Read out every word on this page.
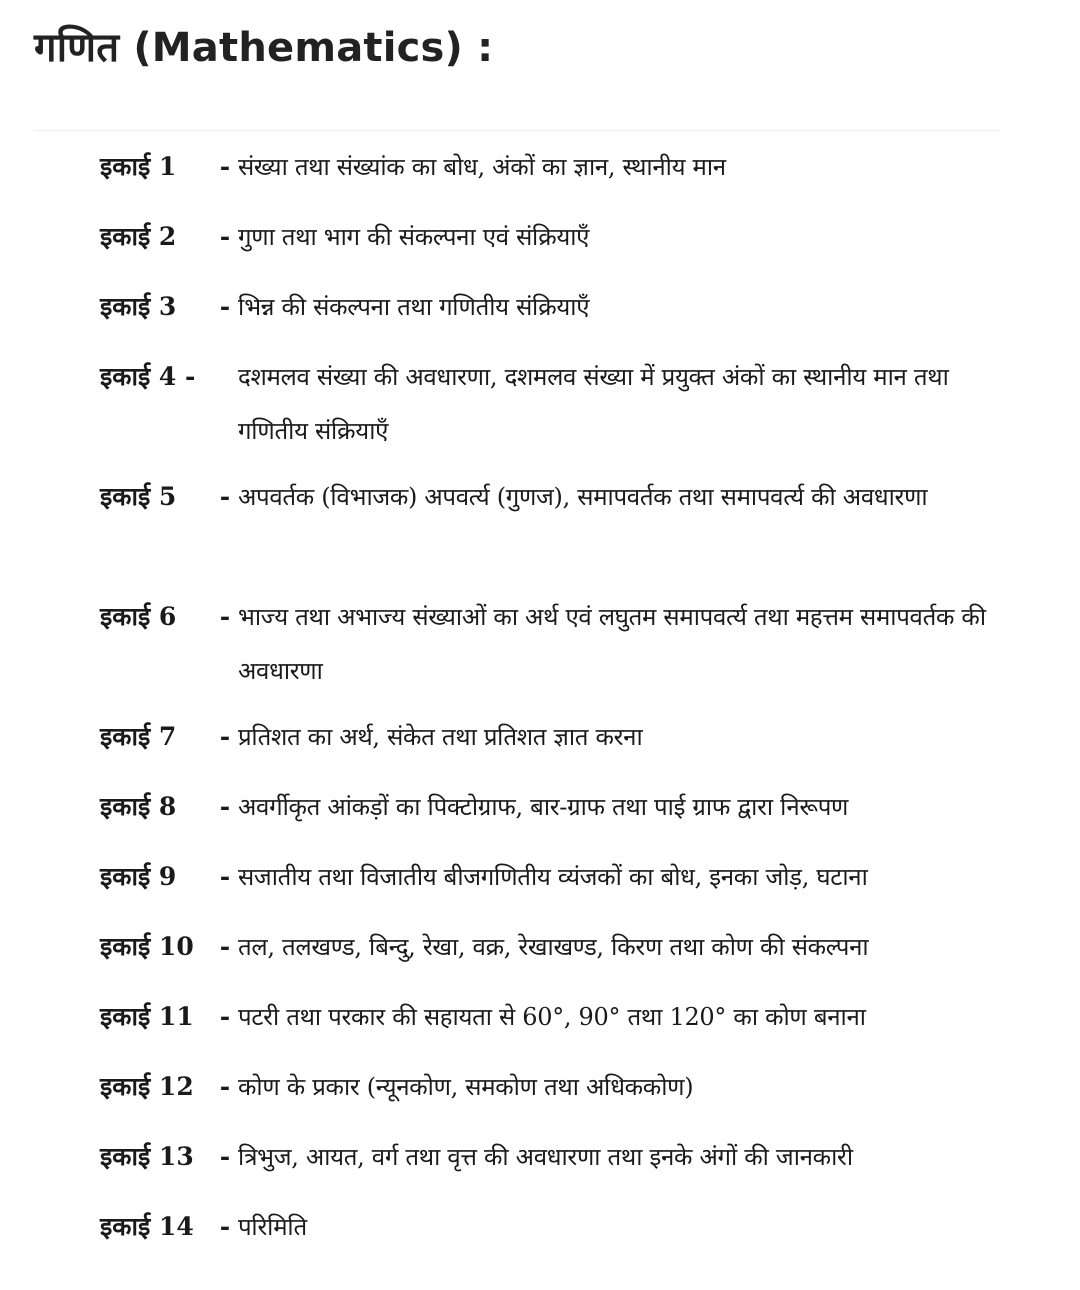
गणित (Mathematics) :
इकाई 1	- संख्या तथा संख्यांक का बोध, अंकों का ज्ञान, स्थानीय मान
इकाई 2	- गुणा तथा भाग की संकल्पना एवं संक्रियाएँ
इकाई 3	- भिन्न की संकल्पना तथा गणितीय संक्रियाएँ
इकाई 4 -	दशमलव संख्या की अवधारणा, दशमलव संख्या में प्रयुक्त अंकों का स्थानीय मान तथा गणितीय संक्रियाएँ
इकाई 5	- अपवर्तक (विभाजक) अपवर्त्य (गुणज), समापवर्तक तथा समापवर्त्य की अवधारणा
इकाई 6	- भाज्य तथा अभाज्य संख्याओं का अर्थ एवं लघुतम समापवर्त्य तथा महत्तम समापवर्तक की अवधारणा
इकाई 7	- प्रतिशत का अर्थ, संकेत तथा प्रतिशत ज्ञात करना
इकाई 8	- अवर्गीकृत आंकड़ों का पिक्टोग्राफ, बार-ग्राफ तथा पाई ग्राफ द्वारा निरूपण
इकाई 9	- सजातीय तथा विजातीय बीजगणितीय व्यंजकों का बोध, इनका जोड़, घटाना
इकाई 10	- तल, तलखण्ड, बिन्दु, रेखा, वक्र, रेखाखण्ड, किरण तथा कोण की संकल्पना
इकाई 11	- पटरी तथा परकार की सहायता से 60°, 90° तथा 120° का कोण बनाना
इकाई 12	- कोण के प्रकार (न्यूनकोण, समकोण तथा अधिककोण)
इकाई 13	- त्रिभुज, आयत, वर्ग तथा वृत्त की अवधारणा तथा इनके अंगों की जानकारी
इकाई 14	- परिमिति
